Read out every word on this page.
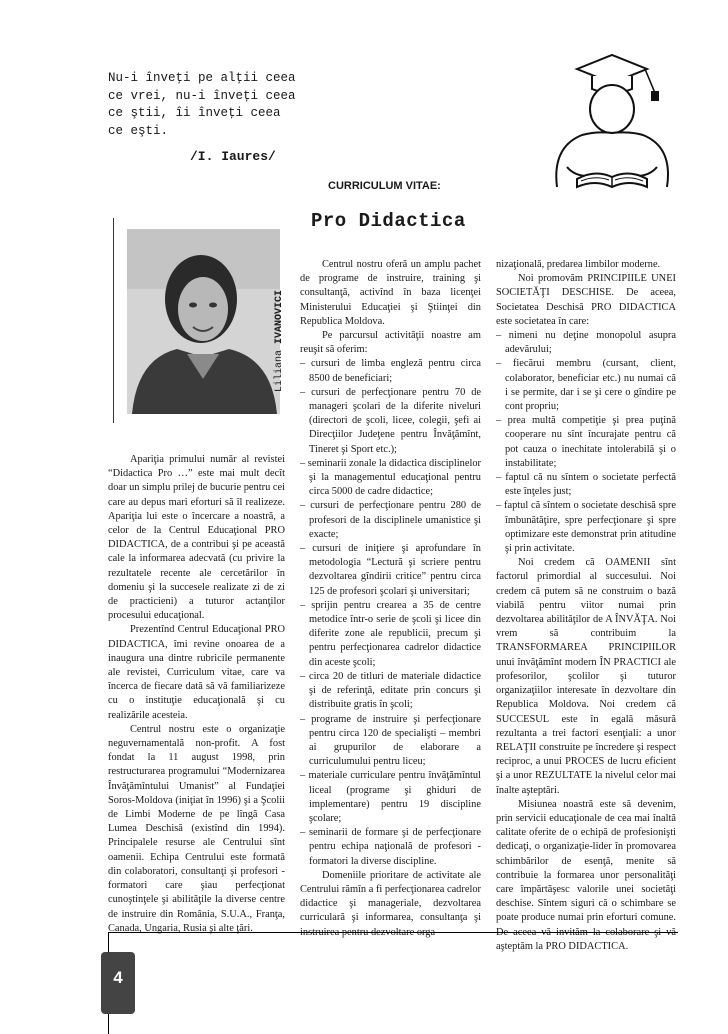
Nu-i înveţi pe alţii ceea ce vrei, nu-i înveţi ceea ce ştii, îi înveţi ceea ce eşti.
/I. Iaures/
CURRICULUM VITAE:
Pro Didactica
Liliana IVANOVICI

Apariţia primului număr al revistei “Didactica Pro …” este mai mult decît doar un simplu prilej de bucurie pentru cei care au depus mari eforturi să îl realizeze. Apariţia lui este o încercare a noastră, a celor de la Centrul Educaţional PRO DIDACTICA, de a contribui şi pe această cale la informarea adecvată (cu privire la rezultatele recente ale cercetărilor în domeniu şi la succesele realizate zi de zi de practicieni) a tuturor actanţilor procesului educaţional.

Prezentînd Centrul Educaţional PRO DIDACTICA, îmi revine onoarea de a inaugura una dintre rubricile permanente ale revistei, Curriculum vitae, care va încerca de fiecare dată să vă familiarizeze cu o instituţie educaţională şi cu realizările acesteia.

Centrul nostru este o organizaţie neguvernamentală non-profit. A fost fondat la 11 august 1998, prin restructurarea programului “Modernizarea Învăţămîntului Umanist” al Fundaţiei Soros-Moldova (iniţiat în 1996) şi a Şcolii de Limbi Moderne de pe lîngă Casa Lumea Deschisă (existînd din 1994). Principalele resurse ale Centrului sînt oamenii. Echipa Centrului este formată din colaboratori, consultanţi şi profesori - formatori care şiau perfecţionat cunoştinţele şi abilităţile la diverse centre de instruire din România, S.U.A., Franţa, Canada, Ungaria, Rusia şi alte ţări.

Centrul nostru oferă un amplu pachet de programe de instruire, training şi consultanţă, activînd în baza licenţei Ministerului Educaţiei şi Ştiinţei din Republica Moldova.

Pe parcursul activităţii noastre am reuşit să oferim:

– cursuri de limba engleză pentru circa 8500 de beneficiari;

– cursuri de perfecţionare pentru 70 de manageri şcolari de la diferite niveluri (directori de şcoli, licee, colegii, şefi ai Direcţiilor Judeţene pentru Învăţămînt, Tineret şi Sport etc.);

– seminarii zonale la didactica disciplinelor şi la managementul educaţional pentru circa 5000 de cadre didactice;

– cursuri de perfecţionare pentru 280 de profesori de la disciplinele umanistice şi exacte;

– cursuri de iniţiere şi aprofundare în metodologia “Lectură şi scriere pentru dezvoltarea gîndirii critice” pentru circa 125 de profesori şcolari şi universitari;

– sprijin pentru crearea a 35 de centre metodice într-o serie de şcoli şi licee din diferite zone ale republicii, precum şi pentru perfecţionarea cadrelor didactice din aceste şcoli;

– circa 20 de titluri de materiale didactice şi de referinţă, editate prin concurs şi distribuite gratis în şcoli;

– programe de instruire şi perfecţionare pentru circa 120 de specialişti – membri ai grupurilor de elaborare a curriculumului pentru liceu;

– materiale curriculare pentru învăţămîntul liceal (programe şi ghiduri de implementare) pentru 19 discipline şcolare;

– seminarii de formare şi de perfecţionare pentru echipa naţională de profesori - formatori la diverse discipline.

Domeniile prioritare de activitate ale Centrului rămîn a fi perfecţionarea cadrelor didactice şi manageriale, dezvoltarea curriculară şi informarea, consultanţa şi instruirea pentru dezvoltare orga-

nizaţională, predarea limbilor moderne.

Noi promovăm PRINCIPIILE UNEI SOCIETĂŢI DESCHISE. De aceea, Societatea Deschisă PRO DIDACTICA este societatea în care:

– nimeni nu deţine monopolul asupra adevărului;

– fiecărui membru (cursant, client, colaborator, beneficiar etc.) nu numai că i se permite, dar i se şi cere o gîndire pe cont propriu;

– prea multă competiţie şi prea puţină cooperare nu sînt încurajate pentru că pot cauza o inechitate intolerabilă şi o instabilitate;

– faptul că nu sîntem o societate perfectă este înţeles just;

– faptul că sîntem o societate deschisă spre îmbunătăţire, spre perfecţionare şi spre optimizare este demonstrat prin atitudine şi prin activitate.

Noi credem că OAMENII sînt factorul primordial al succesului. Noi credem că putem să ne construim o bază viabilă pentru viitor numai prin dezvoltarea abilităţilor de A ÎNVĂŢA. Noi vrem să contribuim la TRANSFORMAREA PRINCIPIILOR unui învăţămînt modern ÎN PRACTICI ale profesorilor, şcolilor şi tuturor organizaţiilor interesate în dezvoltare din Republica Moldova. Noi credem că SUCCESUL este în egală măsură rezultanta a trei factori esenţiali: a unor RELAŢII construite pe încredere şi respect reciproc, a unui PROCES de lucru eficient şi a unor REZULTATE la nivelul celor mai înalte aşteptări.

Misiunea noastră este să devenim, prin servicii educaţionale de cea mai înaltă calitate oferite de o echipă de profesionişti dedicaţi, o organizaţie-lider în promovarea schimbărilor de esenţă, menite să contribuie la formarea unor personalităţi care împărtăşesc valorile unei societăţi deschise. Sîntem siguri că o schimbare se poate produce numai prin eforturi comune. De aceea vă invităm la colaborare şi vă aşteptăm la PRO DIDACTICA.

4
